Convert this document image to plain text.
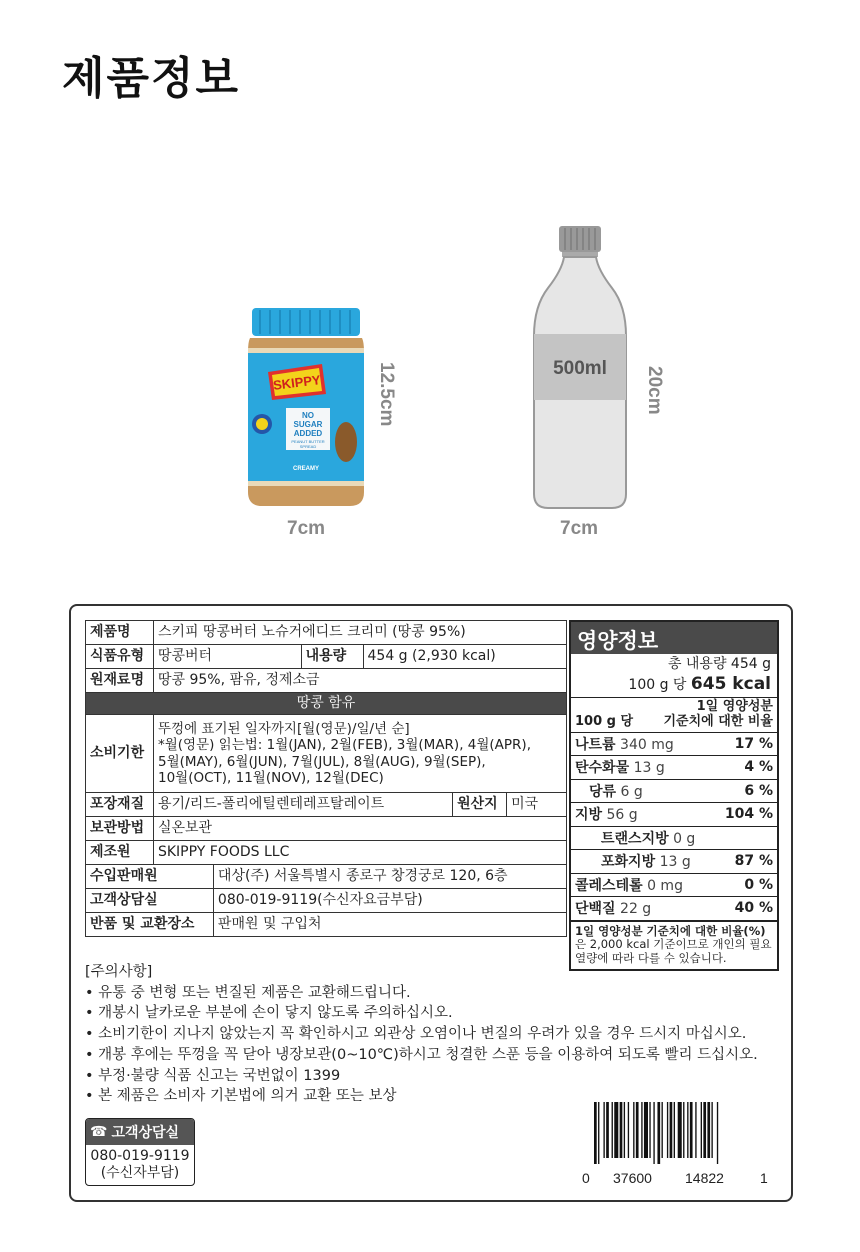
제품정보
SKIPPY
NO
SUGAR
ADDED
PEANUT BUTTER
SPREAD
CREAMY
12.5cm
7cm
500ml	20cm
7cm
제품명	스키피 땅콩버터 노슈거에디드 크리미 (땅콩 95%)					
식품유형	땅콩버터		내용량	454 g (2,930 kcal)		
원재료명	땅콩 95%, 팜유, 정제소금					
땅콩 함유						
소비기한	뚜껑에 표기된 일자까지[월(영문)/일/년 순]
*월(영문) 읽는법: 1월(JAN), 2월(FEB), 3월(MAR), 4월(APR),
5월(MAY), 6월(JUN), 7월(JUL), 8월(AUG), 9월(SEP),
10월(OCT), 11월(NOV), 12월(DEC)					
포장재질	용기/리드-폴리에틸렌테레프탈레이트				원산지	미국
보관방법	실온보관					
제조원	SKIPPY FOODS LLC					
수입판매원		대상(주) 서울특별시 종로구 창경궁로 120, 6층				
고객상담실		080-019-9119(수신자요금부담)				
반품 및 교환장소		판매원 및 구입처				
영양정보
총 내용량 454 g
100 g 당 645 kcal
100 g 당
1일 영양성분
기준치에 대한 비율
나트륨 340 mg	17 %
탄수화물 13 g	4 %
당류 6 g	6 %
지방 56 g	104 %
트랜스지방 0 g
포화지방 13 g	87 %
콜레스테롤 0 mg	0 %
단백질 22 g	40 %
1일 영양성분 기준치에 대한 비율(%)은 2,000 kcal 기준이므로 개인의 필요 열량에 따라 다를 수 있습니다.
[주의사항]
• 유통 중 변형 또는 변질된 제품은 교환해드립니다.
• 개봉시 날카로운 부분에 손이 닿지 않도록 주의하십시오.
• 소비기한이 지나지 않았는지 꼭 확인하시고 외관상 오염이나 변질의 우려가 있을 경우 드시지 마십시오.
• 개봉 후에는 뚜껑을 꼭 닫아 냉장보관(0~10℃)하시고 청결한 스푼 등을 이용하여 되도록 빨리 드십시오.
• 부정·불량 식품 신고는 국번없이 1399
• 본 제품은 소비자 기본법에 의거 교환 또는 보상
☎ 고객상담실
080-019-9119
(수신자부담)	0 37600 14822	1
